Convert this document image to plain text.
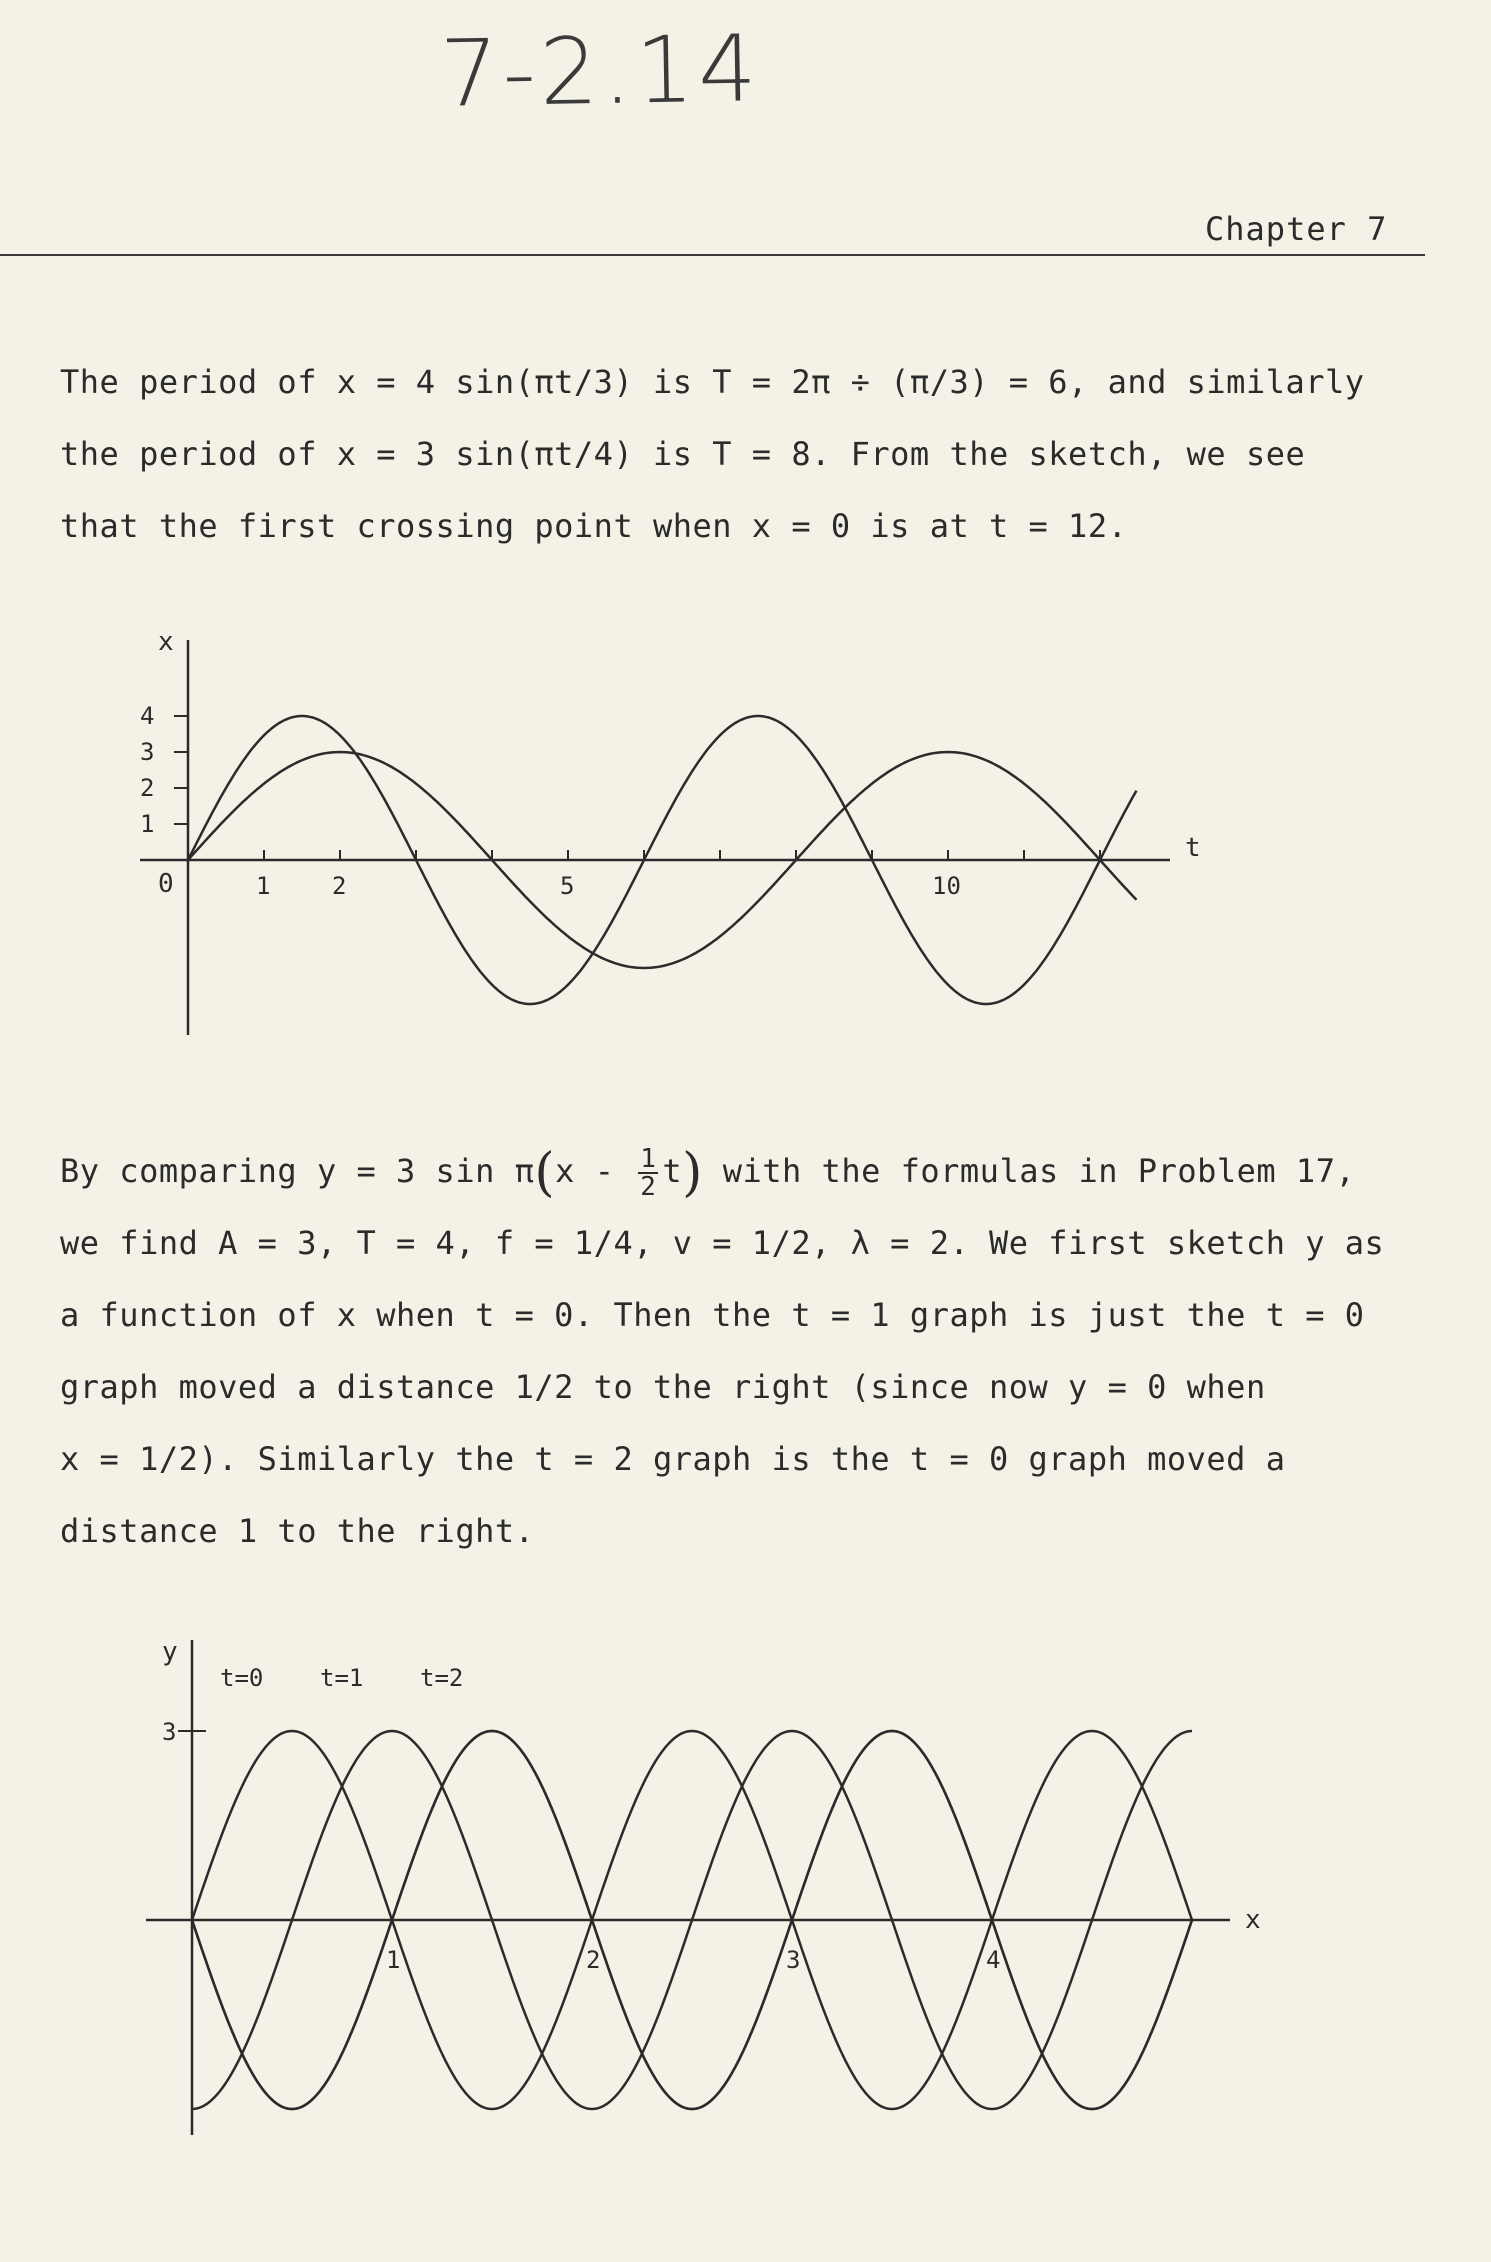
7-2.14
Chapter 7
The period of x = 4 sin(πt/3) is T = 2π ÷ (π/3) = 6, and similarly
the period of x = 3 sin(πt/4) is T = 8. From the sketch, we see
that the first crossing point when x = 0 is at t = 12.
x
t
0	1	2	5	10
1
2
3
4
By comparing y = 3 $\sin \pi(x - \frac{1}{2} t)$ with the formulas in Problem 17,
we find A = 3, T = 4, f = 1/4, v = 1/2, λ = 2. We first sketch y as
a function of x when t = 0. Then the t = 1 graph is just the t = 0
graph moved a distance 1/2 to the right (since now y = 0 when
x = 1/2). Similarly the t = 2 graph is the t = 0 graph moved a
distance 1 to the right.
y
x
3
1	2	3	4
t=0 t=1 t=2
